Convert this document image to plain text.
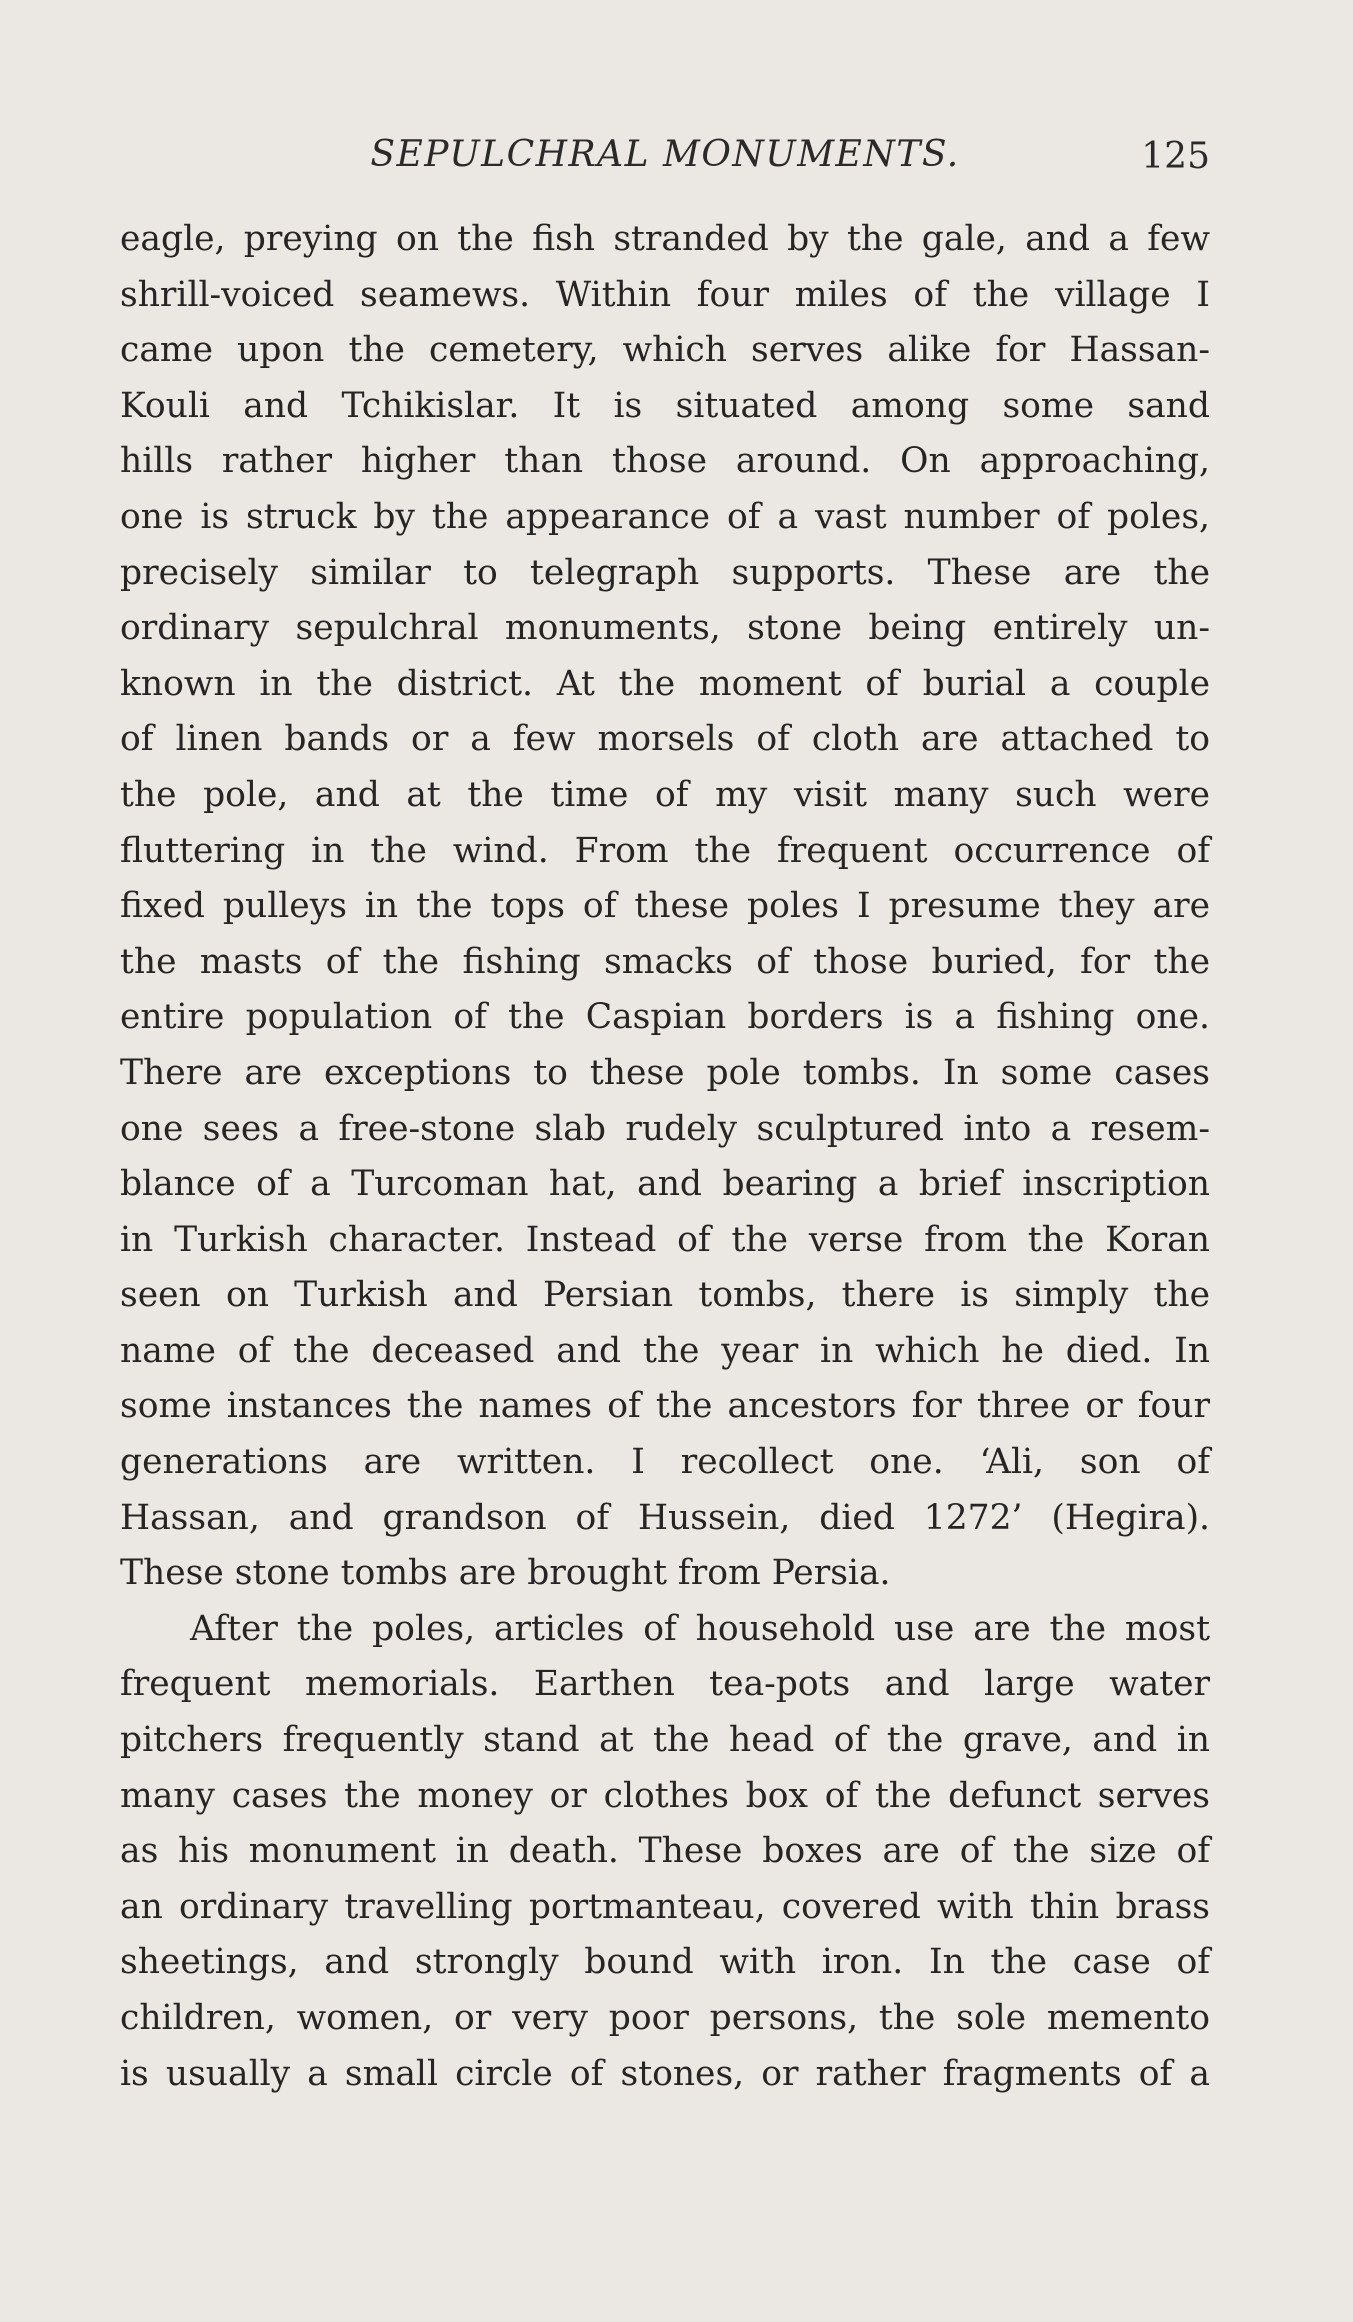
SEPULCHRAL MONUMENTS.	125
eagle, preying on the fish stranded by the gale, and a few
shrill-voiced seamews. Within four miles of the village I
came upon the cemetery, which serves alike for Hassan-
Kouli and Tchikislar. It is situated among some sand
hills rather higher than those around. On approaching,
one is struck by the appearance of a vast number of poles,
precisely similar to telegraph supports. These are the
ordinary sepulchral monuments, stone being entirely un-
known in the district. At the moment of burial a couple
of linen bands or a few morsels of cloth are attached to
the pole, and at the time of my visit many such were
fluttering in the wind. From the frequent occurrence of
fixed pulleys in the tops of these poles I presume they are
the masts of the fishing smacks of those buried, for the
entire population of the Caspian borders is a fishing one.
There are exceptions to these pole tombs. In some cases
one sees a free-stone slab rudely sculptured into a resem-
blance of a Turcoman hat, and bearing a brief inscription
in Turkish character. Instead of the verse from the Koran
seen on Turkish and Persian tombs, there is simply the
name of the deceased and the year in which he died. In
some instances the names of the ancestors for three or four
generations are written. I recollect one. ‘Ali, son of
Hassan, and grandson of Hussein, died 1272’ (Hegira).
These stone tombs are brought from Persia.
After the poles, articles of household use are the most
frequent memorials. Earthen tea-pots and large water
pitchers frequently stand at the head of the grave, and in
many cases the money or clothes box of the defunct serves
as his monument in death. These boxes are of the size of
an ordinary travelling portmanteau, covered with thin brass
sheetings, and strongly bound with iron. In the case of
children, women, or very poor persons, the sole memento
is usually a small circle of stones, or rather fragments of a
